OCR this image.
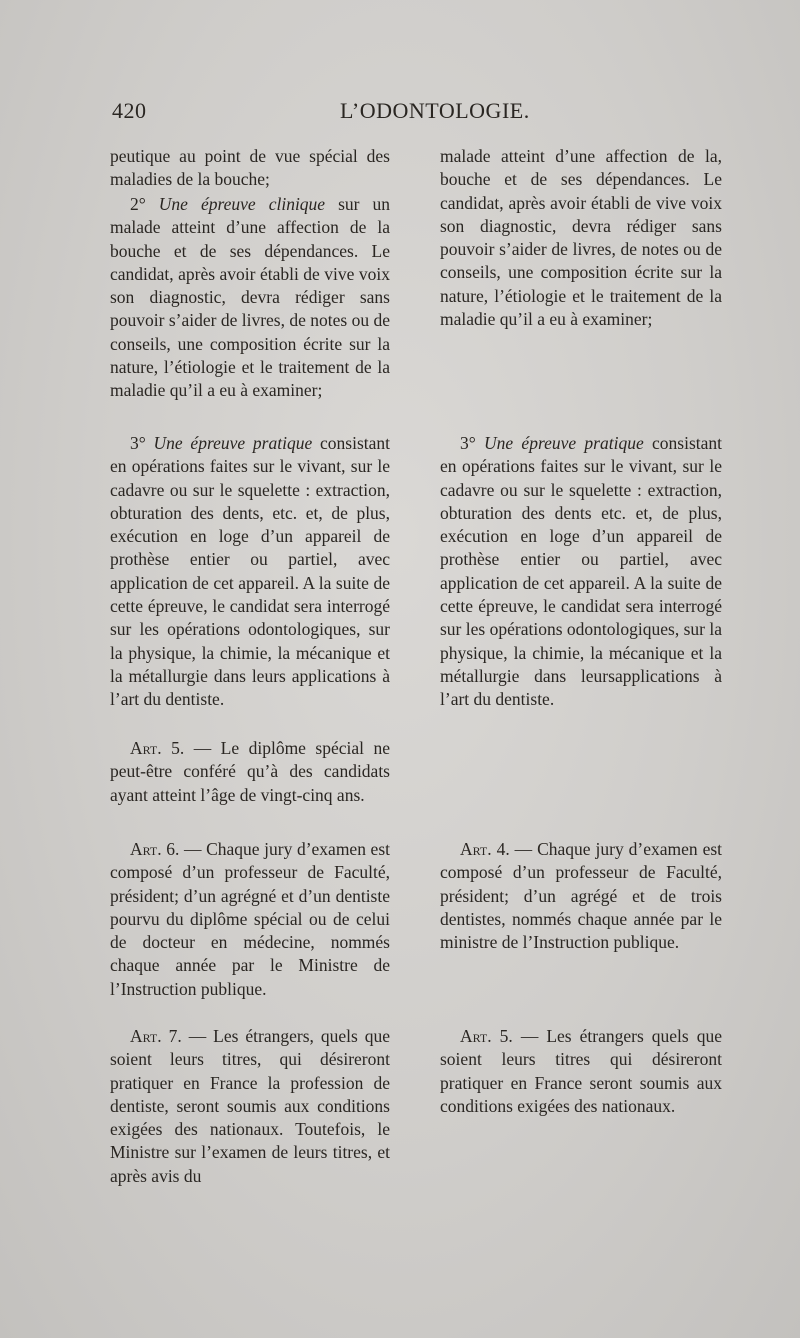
420	L’ODONTOLOGIE.

peutique au point de vue spécial des maladies de la bouche;

2° Une épreuve clinique sur un malade atteint d’une affection de la bouche et de ses dépendances. Le candidat, après avoir établi de vive voix son diagnostic, devra rédiger sans pouvoir s’aider de livres, de notes ou de conseils, une composition écrite sur la nature, l’étiologie et le traitement de la maladie qu’il a eu à examiner;

3° Une épreuve pratique consistant en opérations faites sur le vivant, sur le cadavre ou sur le squelette : extraction, obturation des dents, etc. et, de plus, exécution en loge d’un appareil de prothèse entier ou partiel, avec application de cet appareil. A la suite de cette épreuve, le candidat sera interrogé sur les opérations odontologiques, sur la physique, la chimie, la mécanique et la métallurgie dans leurs applications à l’art du dentiste.

Art. 5. — Le diplôme spécial ne peut-être conféré qu’à des candidats ayant atteint l’âge de vingt-cinq ans.

Art. 6. — Chaque jury d’examen est composé d’un professeur de Faculté, président; d’un agrégné et d’un dentiste pourvu du diplôme spécial ou de celui de docteur en médecine, nommés chaque année par le Ministre de l’Instruction publique.

Art. 7. — Les étrangers, quels que soient leurs titres, qui désireront pratiquer en France la profession de dentiste, seront soumis aux conditions exigées des nationaux. Toutefois, le Ministre sur l’examen de leurs titres, et après avis du

malade atteint d’une affection de la, bouche et de ses dépendances. Le candidat, après avoir établi de vive voix son diagnostic, devra rédiger sans pouvoir s’aider de livres, de notes ou de conseils, une composition écrite sur la nature, l’étiologie et le traitement de la maladie qu’il a eu à examiner;

3° Une épreuve pratique consistant en opérations faites sur le vivant, sur le cadavre ou sur le squelette : extraction, obturation des dents etc. et, de plus, exécution en loge d’un appareil de prothèse entier ou partiel, avec application de cet appareil. A la suite de cette épreuve, le candidat sera interrogé sur les opérations odontologiques, sur la physique, la chimie, la mécanique et la métallurgie dans leursapplications à l’art du dentiste.

Art. 4. — Chaque jury d’examen est composé d’un professeur de Faculté, président; d’un agrégé et de trois dentistes, nommés chaque année par le ministre de l’Instruction publique.

Art. 5. — Les étrangers quels que soient leurs titres qui désireront pratiquer en France seront soumis aux conditions exigées des nationaux.
